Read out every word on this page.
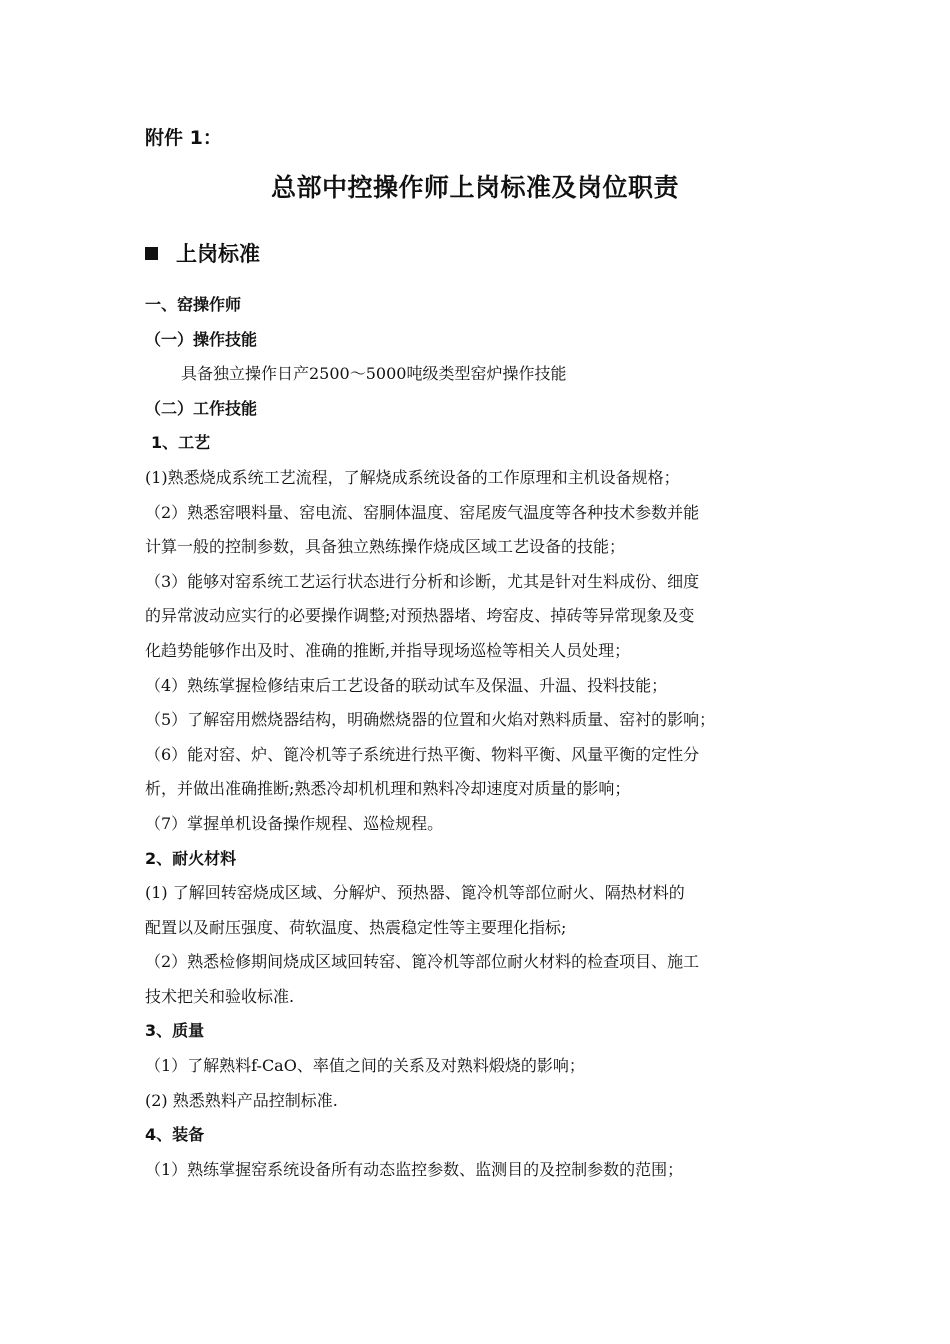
附件 1：
总部中控操作师上岗标准及岗位职责
上岗标准
一、窑操作师
（一）操作技能
具备独立操作日产2500～5000吨级类型窑炉操作技能
（二）工作技能
1、工艺
(1)熟悉烧成系统工艺流程，了解烧成系统设备的工作原理和主机设备规格；
（2）熟悉窑喂料量、窑电流、窑胴体温度、窑尾废气温度等各种技术参数并能
计算一般的控制参数，具备独立熟练操作烧成区域工艺设备的技能；
（3）能够对窑系统工艺运行状态进行分析和诊断，尤其是针对生料成份、细度
的异常波动应实行的必要操作调整;对预热器堵、垮窑皮、掉砖等异常现象及变
化趋势能够作出及时、准确的推断,并指导现场巡检等相关人员处理；
（4）熟练掌握检修结束后工艺设备的联动试车及保温、升温、投料技能；
（5）了解窑用燃烧器结构，明确燃烧器的位置和火焰对熟料质量、窑衬的影响；
（6）能对窑、炉、篦冷机等子系统进行热平衡、物料平衡、风量平衡的定性分
析，并做出准确推断;熟悉冷却机机理和熟料冷却速度对质量的影响；
（7）掌握单机设备操作规程、巡检规程。
2、耐火材料
(1) 了解回转窑烧成区域、分解炉、预热器、篦冷机等部位耐火、隔热材料的
配置以及耐压强度、荷软温度、热震稳定性等主要理化指标;
（2）熟悉检修期间烧成区域回转窑、篦冷机等部位耐火材料的检查项目、施工
技术把关和验收标准.
3、质量
（1）了解熟料f-CaO、率值之间的关系及对熟料煅烧的影响；
(2) 熟悉熟料产品控制标准.
4、装备
（1）熟练掌握窑系统设备所有动态监控参数、监测目的及控制参数的范围；
